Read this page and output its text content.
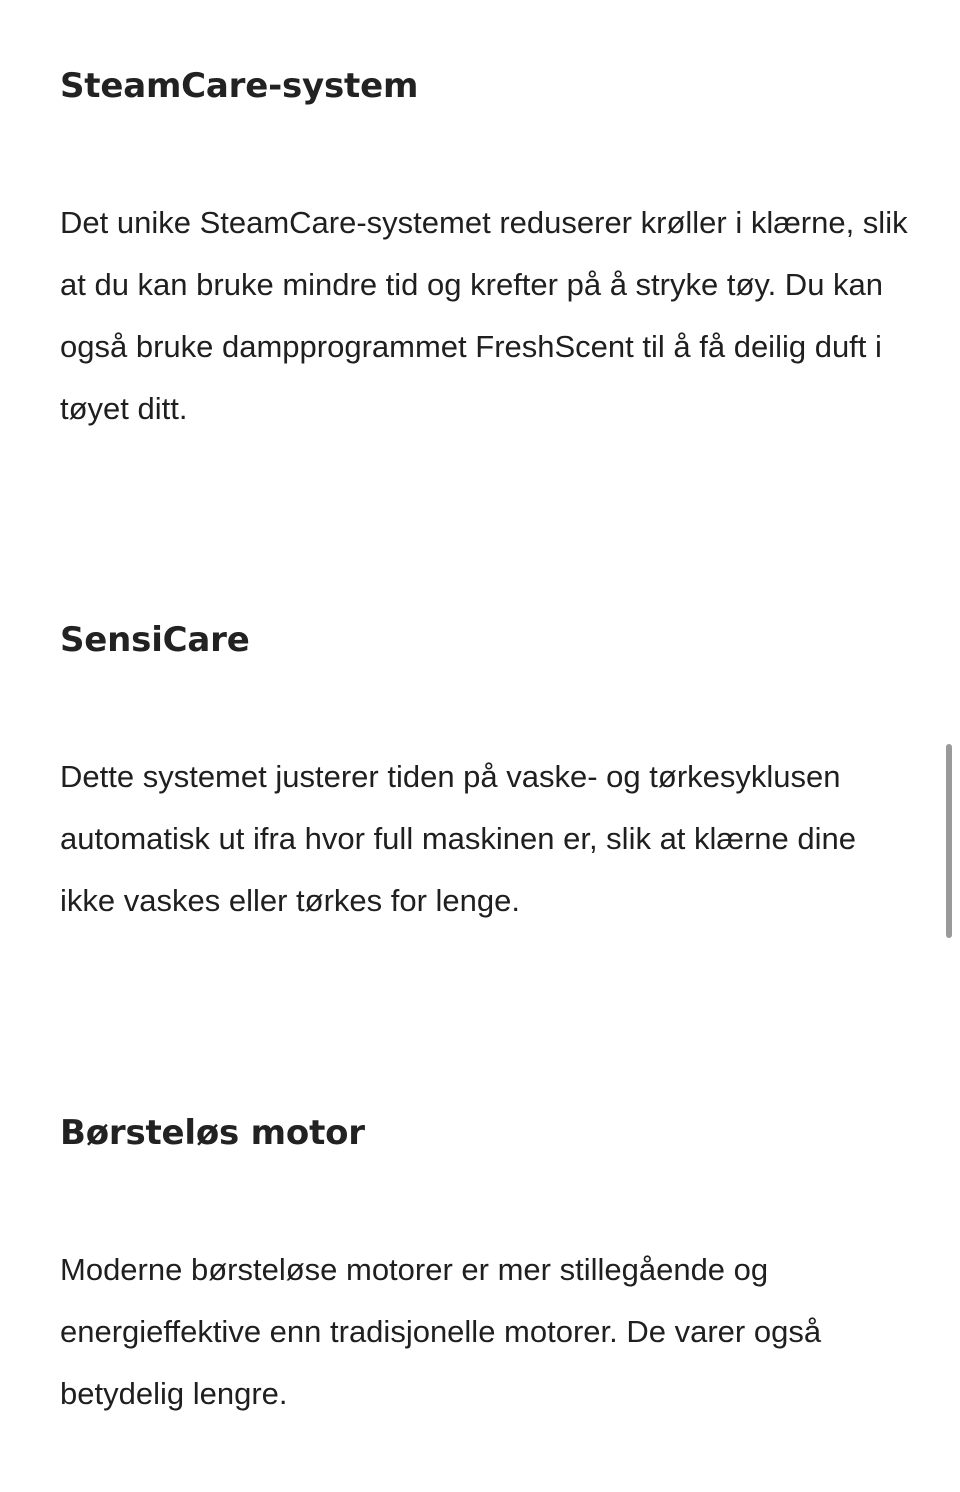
SteamCare-system

Det unike SteamCare-systemet reduserer krøller i klærne, slik at du kan bruke mindre tid og krefter på å stryke tøy. Du kan også bruke dampprogrammet FreshScent til å få deilig duft i tøyet ditt.

SensiCare

Dette systemet justerer tiden på vaske- og tørkesyklusen automatisk ut ifra hvor full maskinen er, slik at klærne dine ikke vaskes eller tørkes for lenge.

Børsteløs motor

Moderne børsteløse motorer er mer stillegående og energieffektive enn tradisjonelle motorer. De varer også betydelig lengre.
